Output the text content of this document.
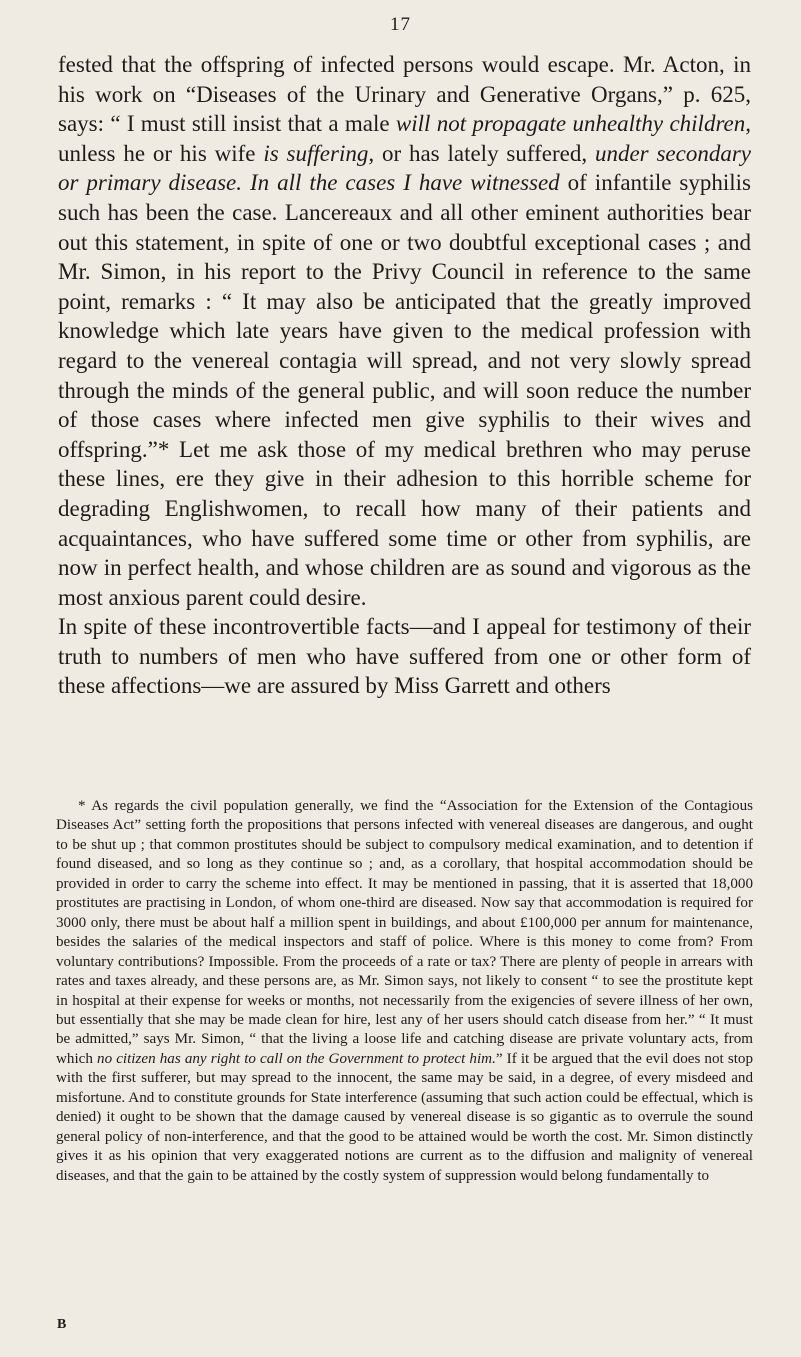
17

fested that the offspring of infected persons would escape. Mr. Acton, in his work on “Diseases of the Urinary and Generative Organs,” p. 625, says: “ I must still insist that a male will not propagate unhealthy children, unless he or his wife is suffering, or has lately suffered, under secondary or primary disease. In all the cases I have witnessed of infantile syphilis such has been the case. Lancereaux and all other eminent authorities bear out this statement, in spite of one or two doubtful exceptional cases ; and Mr. Simon, in his report to the Privy Council in reference to the same point, remarks : “ It may also be anticipated that the greatly improved knowledge which late years have given to the medical profession with regard to the venereal contagia will spread, and not very slowly spread through the minds of the general public, and will soon reduce the number of those cases where infected men give syphilis to their wives and offspring.”* Let me ask those of my medical brethren who may peruse these lines, ere they give in their adhesion to this horrible scheme for degrading Englishwomen, to recall how many of their patients and acquaintances, who have suffered some time or other from syphilis, are now in perfect health, and whose children are as sound and vigorous as the most anxious parent could desire.

In spite of these incontrovertible facts—and I appeal for testimony of their truth to numbers of men who have suffered from one or other form of these affections—we are assured by Miss Garrett and others

* As regards the civil population generally, we find the “Association for the Extension of the Contagious Diseases Act” setting forth the propositions that persons infected with venereal diseases are dangerous, and ought to be shut up ; that common prostitutes should be subject to compulsory medical examination, and to detention if found diseased, and so long as they continue so ; and, as a corollary, that hospital accommodation should be provided in order to carry the scheme into effect. It may be mentioned in passing, that it is asserted that 18,000 prostitutes are practising in London, of whom one-third are diseased. Now say that accommodation is required for 3000 only, there must be about half a million spent in buildings, and about £100,000 per annum for maintenance, besides the salaries of the medical inspectors and staff of police. Where is this money to come from? From voluntary contributions? Impossible. From the proceeds of a rate or tax? There are plenty of people in arrears with rates and taxes already, and these persons are, as Mr. Simon says, not likely to consent “ to see the prostitute kept in hospital at their expense for weeks or months, not necessarily from the exigencies of severe illness of her own, but essentially that she may be made clean for hire, lest any of her users should catch disease from her.” “ It must be admitted,” says Mr. Simon, “ that the living a loose life and catching disease are private voluntary acts, from which no citizen has any right to call on the Government to protect him.” If it be argued that the evil does not stop with the first sufferer, but may spread to the innocent, the same may be said, in a degree, of every misdeed and misfortune. And to constitute grounds for State interference (assuming that such action could be effectual, which is denied) it ought to be shown that the damage caused by venereal disease is so gigantic as to overrule the sound general policy of non-interference, and that the good to be attained would be worth the cost. Mr. Simon distinctly gives it as his opinion that very exaggerated notions are current as to the diffusion and malignity of venereal diseases, and that the gain to be attained by the costly system of suppression would belong fundamentally to

B
